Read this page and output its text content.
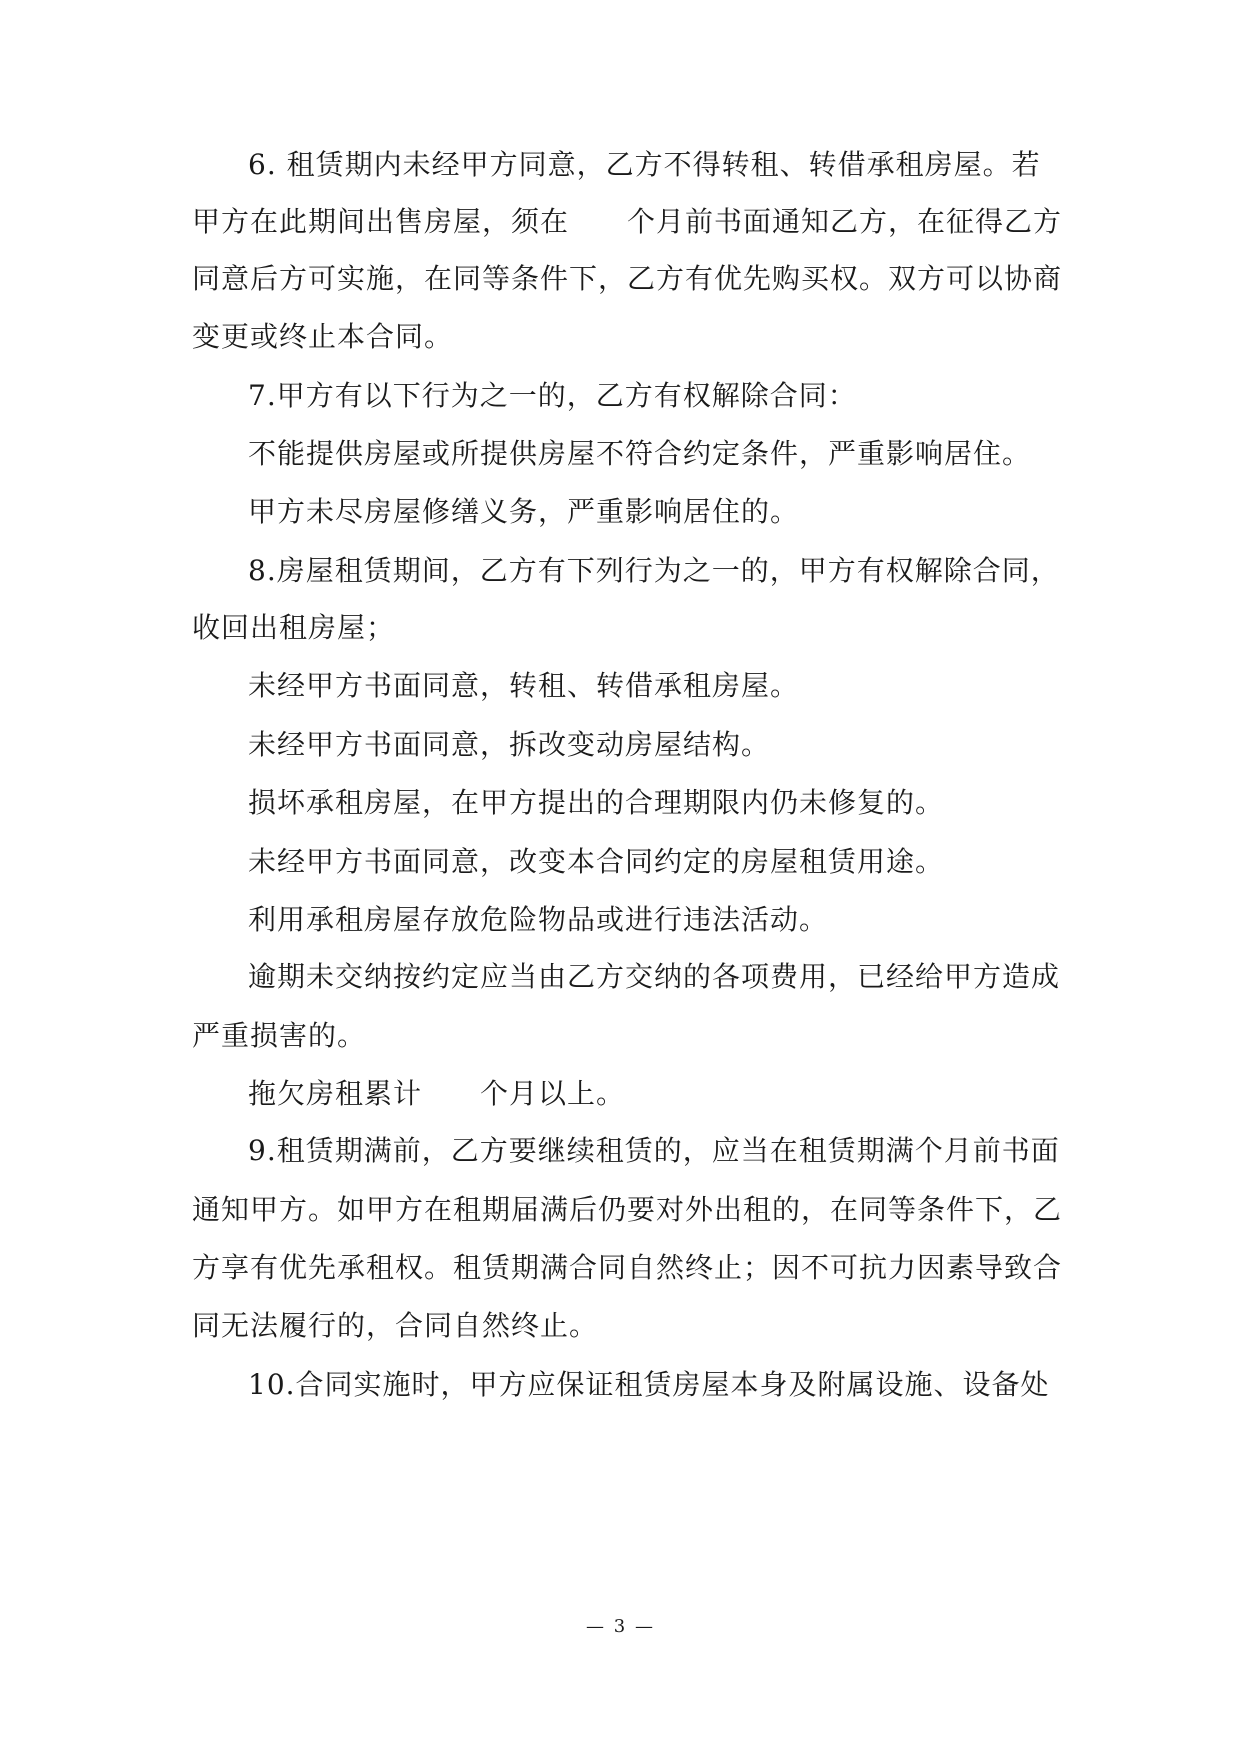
6. 租赁期内未经甲方同意，乙方不得转租、转借承租房屋。若
甲方在此期间出售房屋，须在　　个月前书面通知乙方，在征得乙方
同意后方可实施，在同等条件下，乙方有优先购买权。双方可以协商
变更或终止本合同。
7.甲方有以下行为之一的，乙方有权解除合同：
不能提供房屋或所提供房屋不符合约定条件，严重影响居住。
甲方未尽房屋修缮义务，严重影响居住的。
8.房屋租赁期间，乙方有下列行为之一的，甲方有权解除合同，
收回出租房屋；
未经甲方书面同意，转租、转借承租房屋。
未经甲方书面同意，拆改变动房屋结构。
损坏承租房屋，在甲方提出的合理期限内仍未修复的。
未经甲方书面同意，改变本合同约定的房屋租赁用途。
利用承租房屋存放危险物品或进行违法活动。
逾期未交纳按约定应当由乙方交纳的各项费用，已经给甲方造成
严重损害的。
拖欠房租累计　　个月以上。
9.租赁期满前，乙方要继续租赁的，应当在租赁期满个月前书面
通知甲方。如甲方在租期届满后仍要对外出租的，在同等条件下，乙
方享有优先承租权。租赁期满合同自然终止；因不可抗力因素导致合
同无法履行的，合同自然终止。
10.合同实施时，甲方应保证租赁房屋本身及附属设施、设备处
— 3 —
